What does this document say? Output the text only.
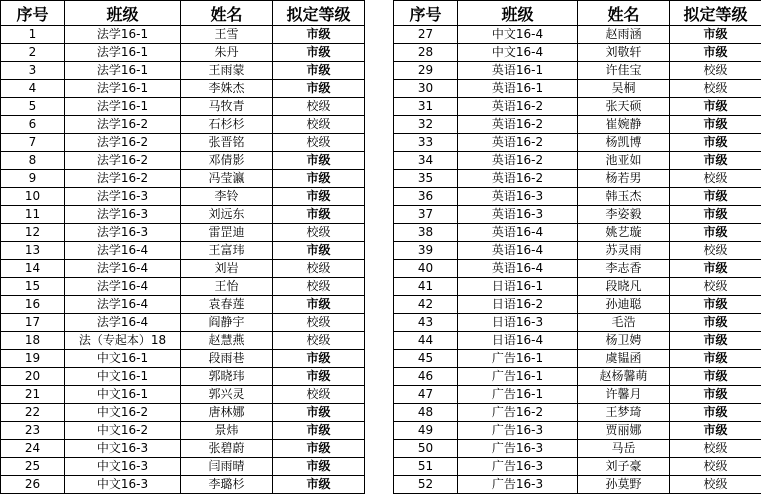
序号	班级	姓名	拟定等级
1	法学16-1	王雪	市级
2	法学16-1	朱丹	市级
3	法学16-1	王雨蒙	市级
4	法学16-1	李姝杰	市级
5	法学16-1	马牧青	校级
6	法学16-2	石杉杉	校级
7	法学16-2	张晋铭	校级
8	法学16-2	邓倩影	市级
9	法学16-2	冯莹瀛	市级
10	法学16-3	李铃	市级
11	法学16-3	刘远东	市级
12	法学16-3	雷罡迪	校级
13	法学16-4	王富玮	市级
14	法学16-4	刘岩	校级
15	法学16-4	王怡	校级
16	法学16-4	袁春莲	市级
17	法学16-4	阎静宇	校级
18	法（专起本）18	赵慧燕	校级
19	中文16-1	段雨巷	市级
20	中文16-1	郭晓玮	市级
21	中文16-1	郭兴灵	校级
22	中文16-2	唐林娜	市级
23	中文16-2	景炜	市级
24	中文16-3	张碧蔚	市级
25	中文16-3	闫雨晴	市级
26	中文16-3	李璐杉	市级
序号	班级	姓名	拟定等级
27	中文16-4	赵雨涵	市级
28	中文16-4	刘敬轩	市级
29	英语16-1	许佳宝	校级
30	英语16-1	吴桐	校级
31	英语16-2	张天硕	市级
32	英语16-2	崔婉静	市级
33	英语16-2	杨凯博	市级
34	英语16-2	池亚如	市级
35	英语16-2	杨若男	校级
36	英语16-3	韩玉杰	市级
37	英语16-3	李姿毅	市级
38	英语16-4	姚艺璇	市级
39	英语16-4	苏灵雨	校级
40	英语16-4	李志香	市级
41	日语16-1	段晓凡	校级
42	日语16-2	孙迪聪	市级
43	日语16-3	毛浩	市级
44	日语16-4	杨卫娉	市级
45	广告16-1	虞韫函	市级
46	广告16-1	赵杨馨萌	市级
47	广告16-1	许馨月	市级
48	广告16-2	王梦琦	市级
49	广告16-3	贾丽娜	市级
50	广告16-3	马岳	校级
51	广告16-3	刘子豪	校级
52	广告16-3	孙莫野	校级
